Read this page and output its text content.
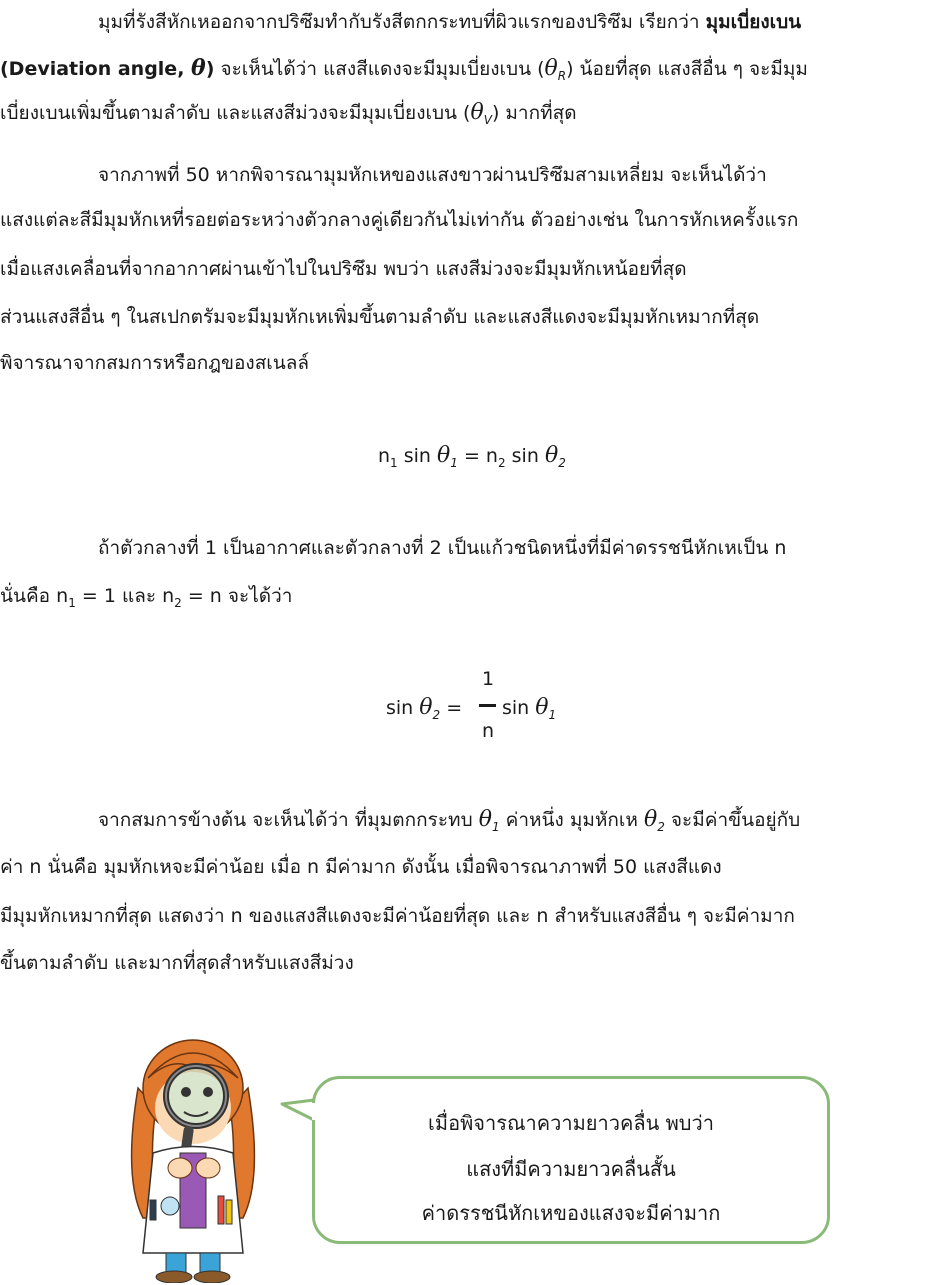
มุมที่รังสีหักเหออกจากปริซึมทำกับรังสีตกกระทบที่ผิวแรกของปริซึม เรียกว่า มุมเบี่ยงเบน
(Deviation angle, θ) จะเห็นได้ว่า แสงสีแดงจะมีมุมเบี่ยงเบน $(\theta_R)$ น้อยที่สุด แสงสีอื่น ๆ จะมีมุม
เบี่ยงเบนเพิ่มขึ้นตามลำดับ และแสงสีม่วงจะมีมุมเบี่ยงเบน $(\theta_V)$ มากที่สุด
จากภาพที่ 50 หากพิจารณามุมหักเหของแสงขาวผ่านปริซึมสามเหลี่ยม จะเห็นได้ว่า
แสงแต่ละสีมีมุมหักเหที่รอยต่อระหว่างตัวกลางคู่เดียวกันไม่เท่ากัน ตัวอย่างเช่น ในการหักเหครั้งแรก
เมื่อแสงเคลื่อนที่จากอากาศผ่านเข้าไปในปริซึม พบว่า แสงสีม่วงจะมีมุมหักเหน้อยที่สุด
ส่วนแสงสีอื่น ๆ ในสเปกตรัมจะมีมุมหักเหเพิ่มขึ้นตามลำดับ และแสงสีแดงจะมีมุมหักเหมากที่สุด
พิจารณาจากสมการหรือกฎของสเนลล์
$n_1$ $\sin \theta_1 = n_2$ $\sin \theta_2$
ถ้าตัวกลางที่ 1 เป็นอากาศและตัวกลางที่ 2 เป็นแก้วชนิดหนึ่งที่มีค่าดรรชนีหักเหเป็น n
นั่นคือ $n_1 = 1$ และ $n_2 = n$ จะได้ว่า
$\sin \theta_2$ =
1
n
$\sin \theta_1$
จากสมการข้างต้น จะเห็นได้ว่า ที่มุมตกกระทบ $\theta_1$ ค่าหนึ่ง มุมหักเห $\theta_2$ จะมีค่าขึ้นอยู่กับ
ค่า n นั่นคือ มุมหักเหจะมีค่าน้อย เมื่อ n มีค่ามาก ดังนั้น เมื่อพิจารณาภาพที่ 50 แสงสีแดง
มีมุมหักเหมากที่สุด แสดงว่า n ของแสงสีแดงจะมีค่าน้อยที่สุด และ n สำหรับแสงสีอื่น ๆ จะมีค่ามาก
ขึ้นตามลำดับ และมากที่สุดสำหรับแสงสีม่วง
เมื่อพิจารณาความยาวคลื่น พบว่า
แสงที่มีความยาวคลื่นสั้น
ค่าดรรชนีหักเหของแสงจะมีค่ามาก
